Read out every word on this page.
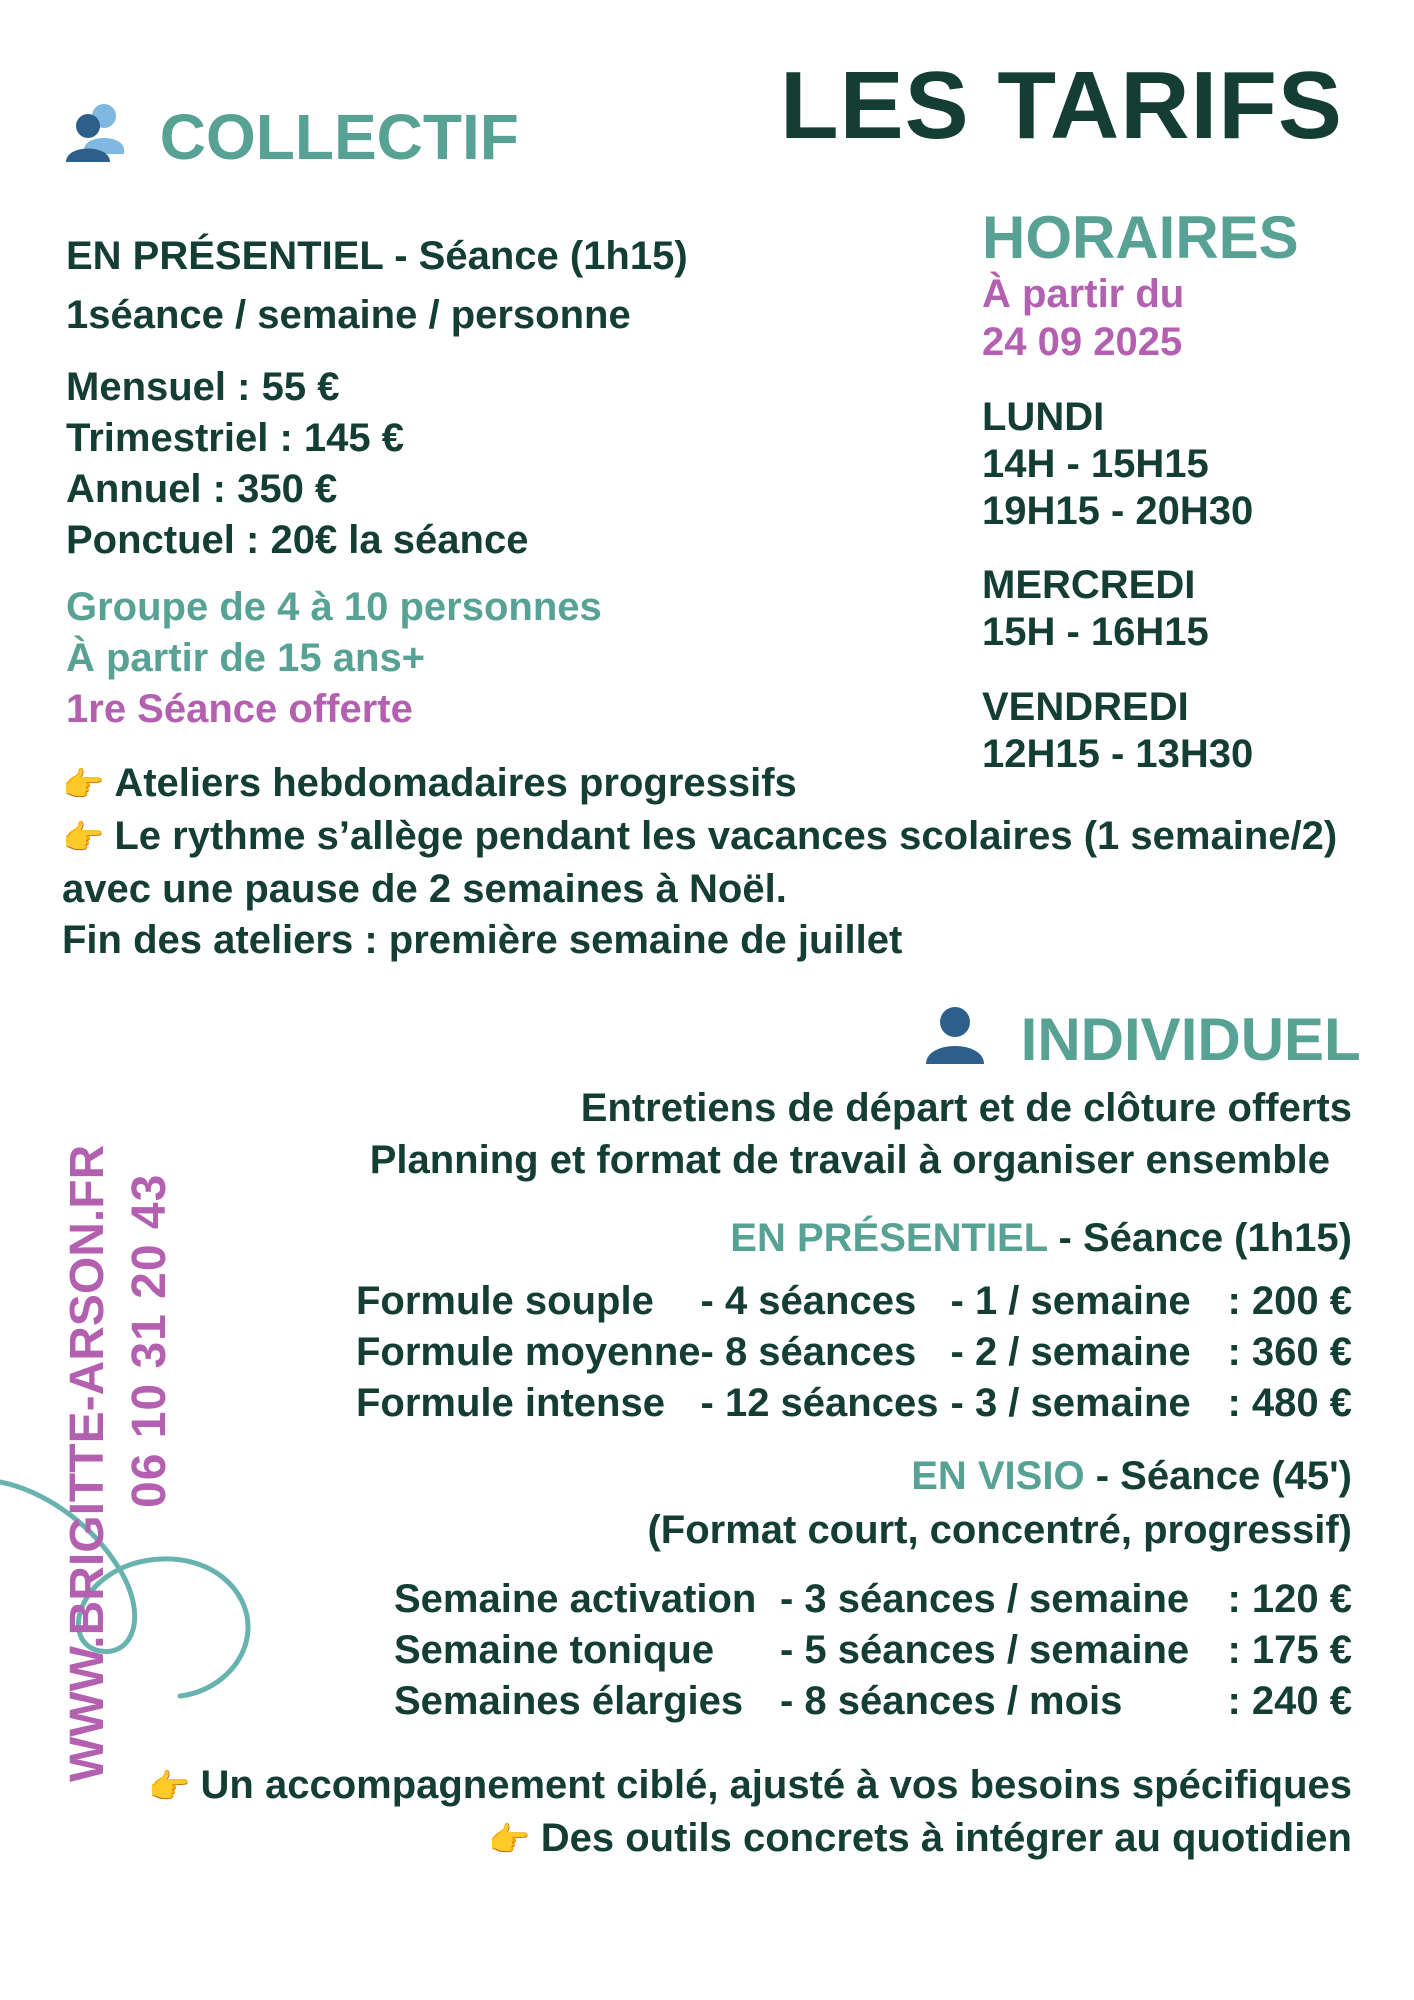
LES TARIFS
COLLECTIF
EN PRÉSENTIEL - Séance (1h15)
1séance / semaine / personne
Mensuel : 55 €
Trimestriel : 145 €
Annuel : 350 €
Ponctuel : 20€ la séance
Groupe de 4 à 10 personnes
À partir de 15 ans+
1re Séance offerte
👉 Ateliers hebdomadaires progressifs
👉 Le rythme s’allège pendant les vacances scolaires (1 semaine/2)
avec une pause de 2 semaines à Noël.
Fin des ateliers : première semaine de juillet
HORAIRES
À partir du
24 09 2025
LUNDI
14H - 15H15
19H15 - 20H30
MERCREDI
15H - 16H15
VENDREDI
12H15 - 13H30
INDIVIDUEL
Entretiens de départ et de clôture offerts
Planning et format de travail à organiser ensemble
EN PRÉSENTIEL - Séance (1h15)
Formule souple	- 4 séances	- 1 / semaine	: 200 €
Formule moyenne	- 8 séances	- 2 / semaine	: 360 €
Formule intense	- 12 séances	- 3 / semaine	: 480 €
EN VISIO - Séance (45')
(Format court, concentré, progressif)
Semaine activation	- 3 séances / semaine	: 120 €
Semaine tonique	- 5 séances / semaine	: 175 €
Semaines élargies	- 8 séances / mois	: 240 €
👉 Un accompagnement ciblé, ajusté à vos besoins spécifiques
👉 Des outils concrets à intégrer au quotidien
WWW.BRIGITTE-ARSON.FR 06 10 31 20 43
